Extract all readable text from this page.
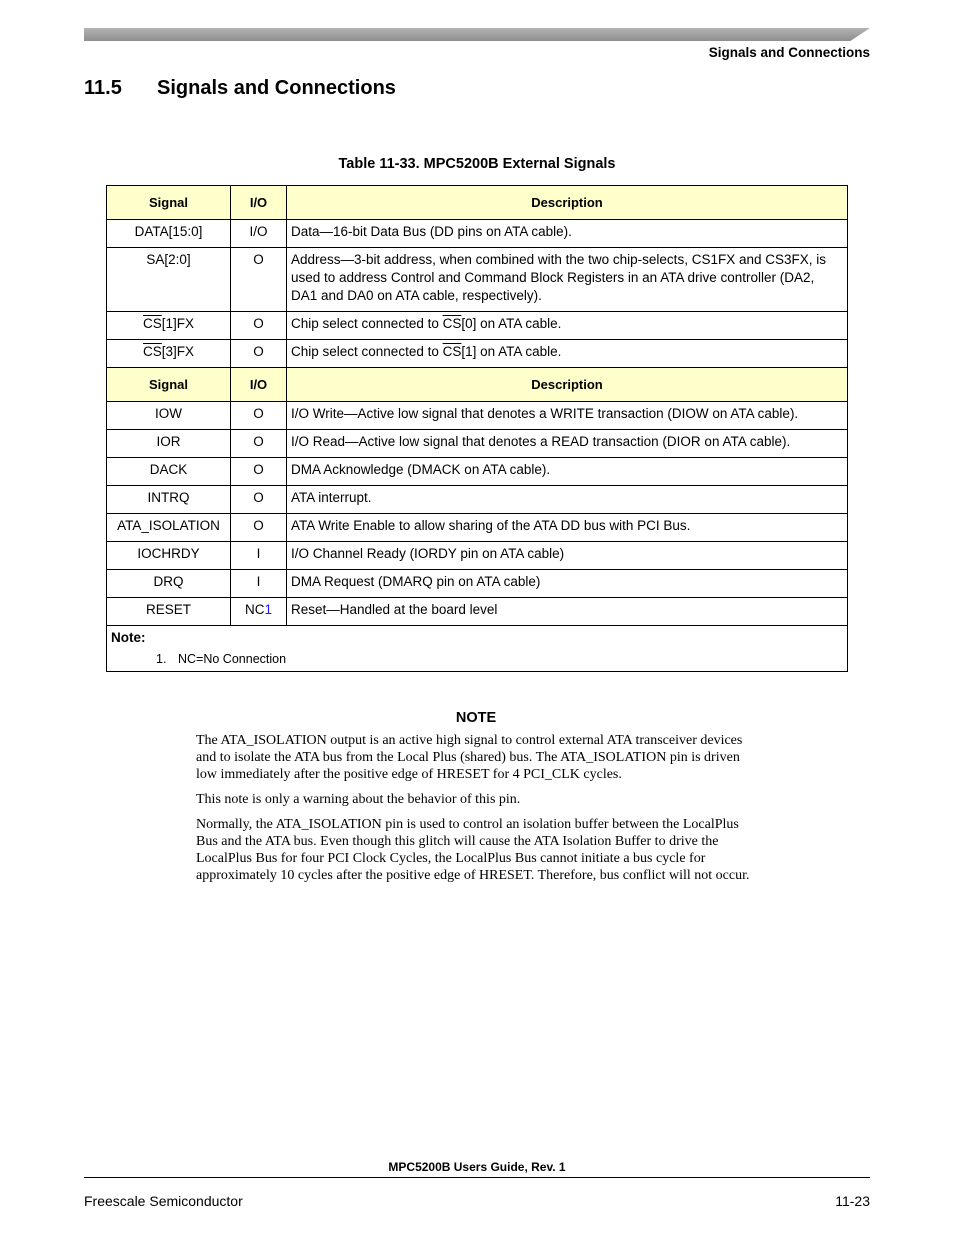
Signals and Connections
11.5 Signals and Connections
Table 11-33. MPC5200B External Signals
Signal	I/O	Description
DATA[15:0]	I/O	Data—16-bit Data Bus (DD pins on ATA cable).
SA[2:0]	O	Address—3-bit address, when combined with the two chip-selects, CS1FX and CS3FX, is used to address Control and Command Block Registers in an ATA drive controller (DA2, DA1 and DA0 on ATA cable, respectively).
$\overline{CS}[1]FX$	O	Chip select connected to $\overline{CS}[0]$ on ATA cable.
$\overline{CS}[3]FX$	O	Chip select connected to $\overline{CS}[1]$ on ATA cable.
Signal	I/O	Description
IOW	O	I/O Write—Active low signal that denotes a WRITE transaction (DIOW on ATA cable).
IOR	O	I/O Read—Active low signal that denotes a READ transaction (DIOR on ATA cable).
DACK	O	DMA Acknowledge (DMACK on ATA cable).
INTRQ	O	ATA interrupt.
ATA_ISOLATION	O	ATA Write Enable to allow sharing of the ATA DD bus with PCI Bus.
IOCHRDY	I	I/O Channel Ready (IORDY pin on ATA cable)
DRQ	I	DMA Request (DMARQ pin on ATA cable)
RESET	NC1	Reset—Handled at the board level

Note:
1. NC=No Connection		
NOTE

The ATA_ISOLATION output is an active high signal to control external ATA transceiver devices and to isolate the ATA bus from the Local Plus (shared) bus. The ATA_ISOLATION pin is driven low immediately after the positive edge of HRESET for 4 PCI_CLK cycles.

This note is only a warning about the behavior of this pin.

Normally, the ATA_ISOLATION pin is used to control an isolation buffer between the LocalPlus Bus and the ATA bus. Even though this glitch will cause the ATA Isolation Buffer to drive the LocalPlus Bus for four PCI Clock Cycles, the LocalPlus Bus cannot initiate a bus cycle for approximately 10 cycles after the positive edge of HRESET. Therefore, bus conflict will not occur.

MPC5200B Users Guide, Rev. 1
Freescale Semiconductor	11-23
